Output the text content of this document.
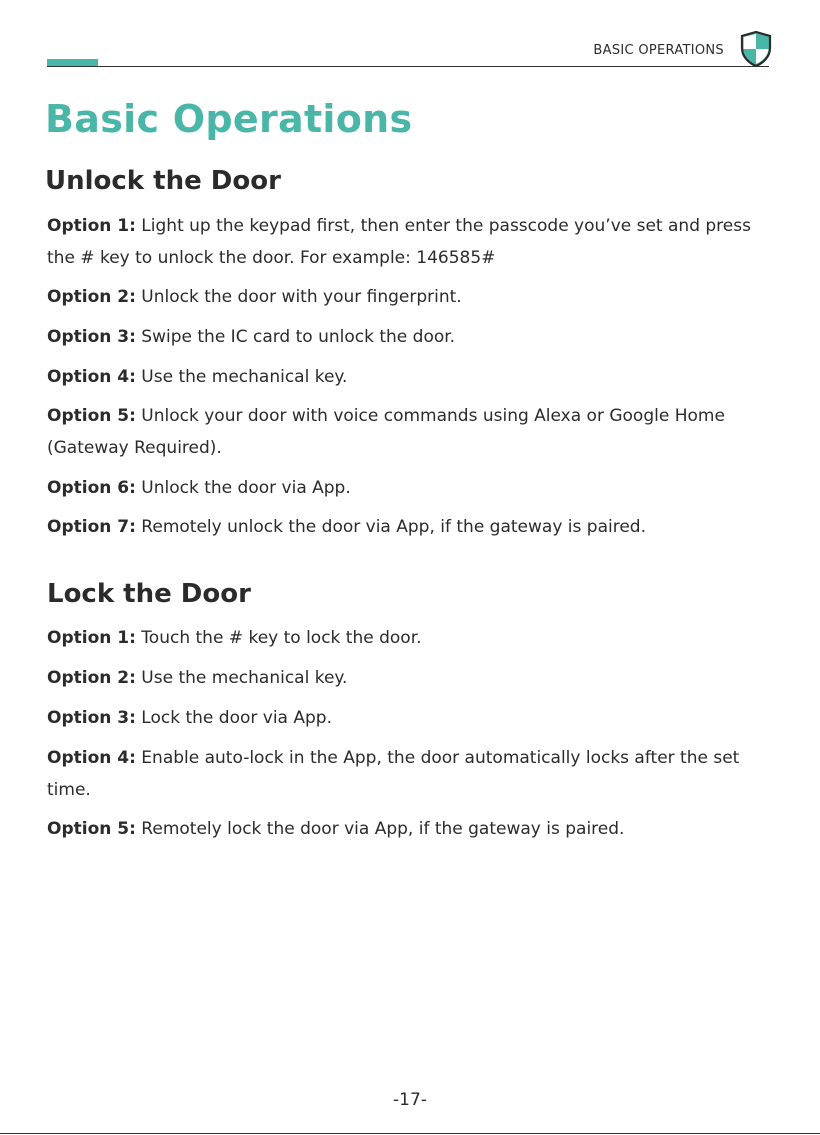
BASIC OPERATIONS
Basic Operations
Unlock the Door

Option 1: Light up the keypad first, then enter the passcode you’ve set and press the # key to unlock the door. For example: 146585#

Option 2: Unlock the door with your fingerprint.

Option 3: Swipe the IC card to unlock the door.

Option 4: Use the mechanical key.

Option 5: Unlock your door with voice commands using Alexa or Google Home (Gateway Required).

Option 6: Unlock the door via App.

Option 7: Remotely unlock the door via App, if the gateway is paired.

Lock the Door

Option 1: Touch the # key to lock the door.

Option 2: Use the mechanical key.

Option 3: Lock the door via App.

Option 4: Enable auto-lock in the App, the door automatically locks after the set time.

Option 5: Remotely lock the door via App, if the gateway is paired.

-17-
